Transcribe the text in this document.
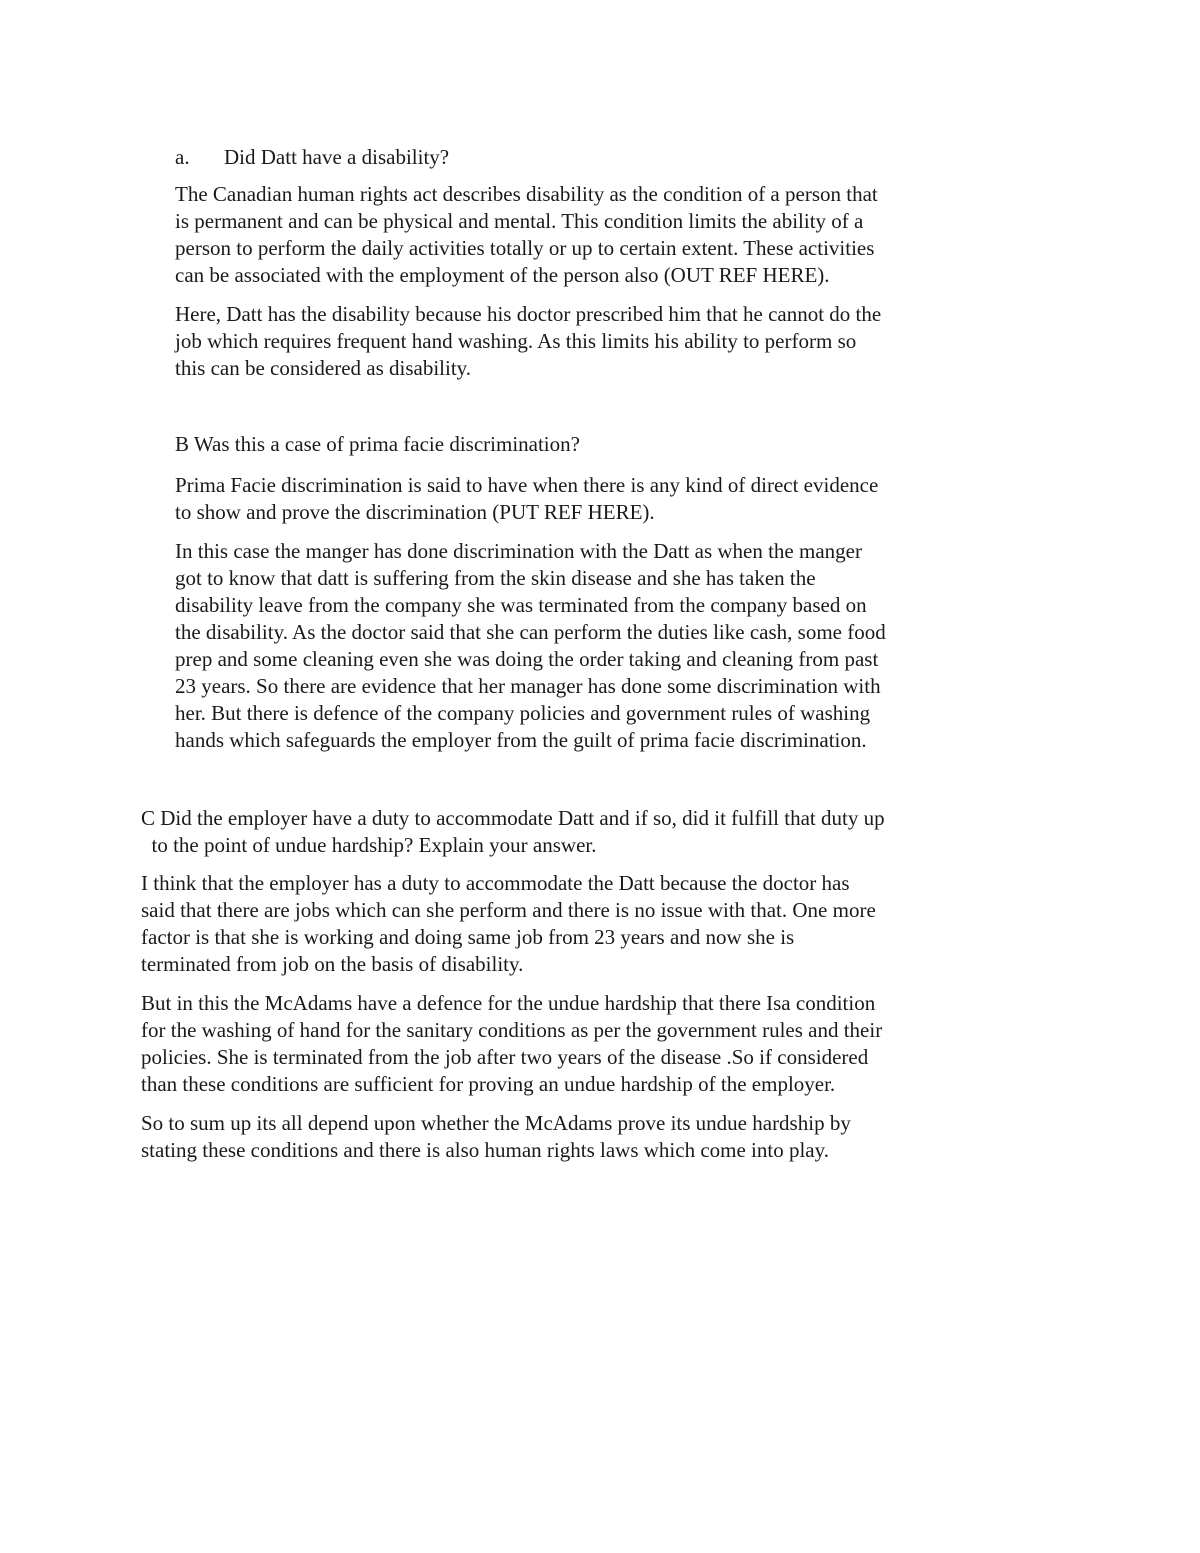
a. Did Datt have a disability?

The Canadian human rights act describes disability as the condition of a person that
is permanent and can be physical and mental. This condition limits the ability of a
person to perform the daily activities totally or up to certain extent. These activities
can be associated with the employment of the person also (OUT REF HERE).

Here, Datt has the disability because his doctor prescribed him that he cannot do the
job which requires frequent hand washing. As this limits his ability to perform so
this can be considered as disability.

B Was this a case of prima facie discrimination?

Prima Facie discrimination is said to have when there is any kind of direct evidence
to show and prove the discrimination (PUT REF HERE).

In this case the manger has done discrimination with the Datt as when the manger
got to know that datt is suffering from the skin disease and she has taken the
disability leave from the company she was terminated from the company based on
the disability. As the doctor said that she can perform the duties like cash, some food
prep and some cleaning even she was doing the order taking and cleaning from past
23 years. So there are evidence that her manager has done some discrimination with
her. But there is defence of the company policies and government rules of washing
hands which safeguards the employer from the guilt of prima facie discrimination.

C Did the employer have a duty to accommodate Datt and if so, did it fulfill that duty up
to the point of undue hardship? Explain your answer.

I think that the employer has a duty to accommodate the Datt because the doctor has
said that there are jobs which can she perform and there is no issue with that. One more
factor is that she is working and doing same job from 23 years and now she is
terminated from job on the basis of disability.

But in this the McAdams have a defence for the undue hardship that there Isa condition
for the washing of hand for the sanitary conditions as per the government rules and their
policies. She is terminated from the job after two years of the disease .So if considered
than these conditions are sufficient for proving an undue hardship of the employer.

So to sum up its all depend upon whether the McAdams prove its undue hardship by
stating these conditions and there is also human rights laws which come into play.
